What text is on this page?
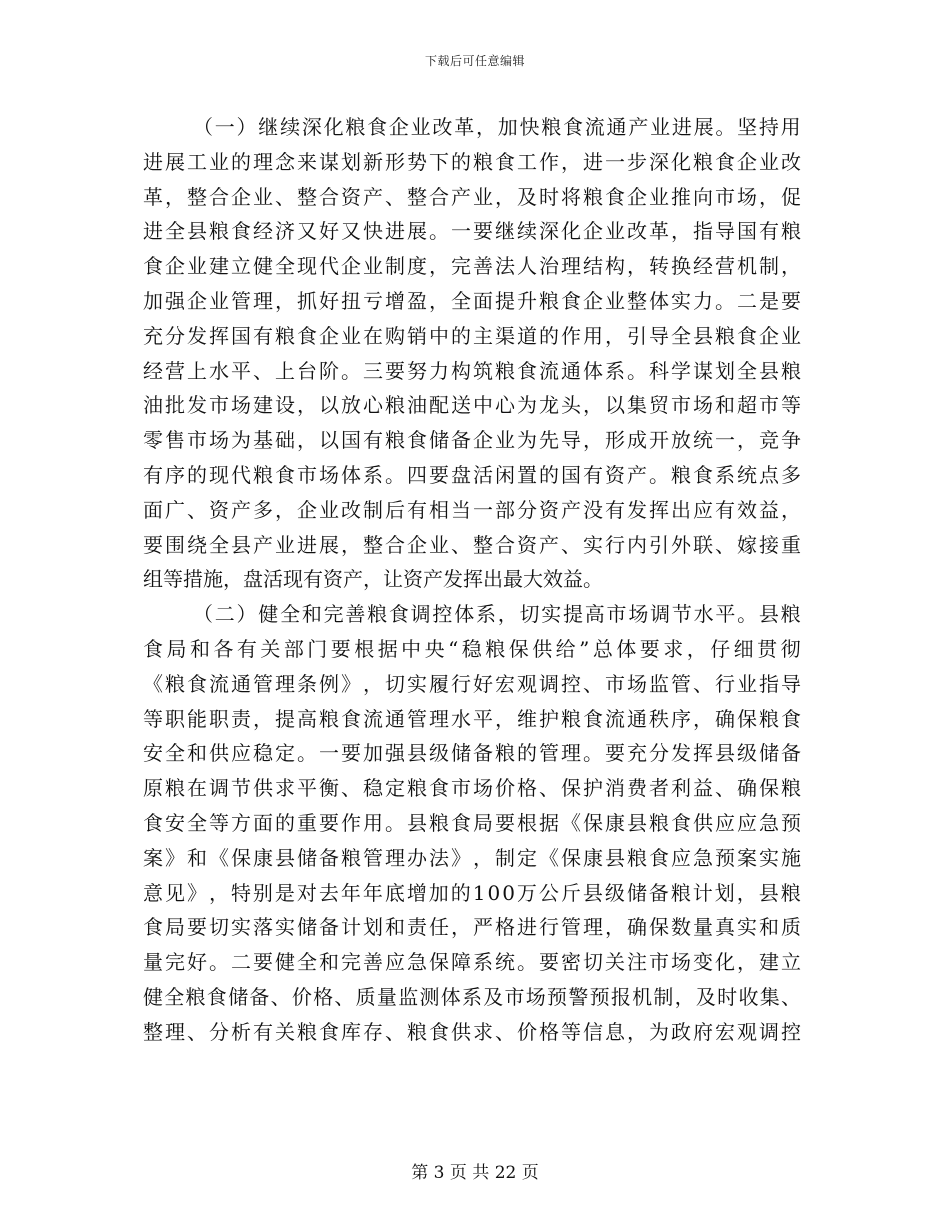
下载后可任意编辑
（ 一 ） 继 续 深 化 粮 食 企 业 改 革 ， 加 快 粮 食 流 通 产 业 进 展 。 坚 持 用
进 展 工 业 的 理 念 来 谋 划 新 形 势 下 的 粮 食 工 作 ， 进 一 步 深 化 粮 食 企 业 改
革 ， 整 合 企 业 、 整 合 资 产 、 整 合 产 业 ， 及 时 将 粮 食 企 业 推 向 市 场 ， 促
进 全 县 粮 食 经 济 又 好 又 快 进 展 。 一 要 继 续 深 化 企 业 改 革 ， 指 导 国 有 粮
食 企 业 建 立 健 全 现 代 企 业 制 度 ， 完 善 法 人 治 理 结 构 ， 转 换 经 营 机 制 ，
加 强 企 业 管 理 ， 抓 好 扭 亏 增 盈 ， 全 面 提 升 粮 食 企 业 整 体 实 力 。 二 是 要
充 分 发 挥 国 有 粮 食 企 业 在 购 销 中 的 主 渠 道 的 作 用 ， 引 导 全 县 粮 食 企 业
经 营 上 水 平 、 上 台 阶 。 三 要 努 力 构 筑 粮 食 流 通 体 系 。 科 学 谋 划 全 县 粮
油 批 发 市 场 建 设 ， 以 放 心 粮 油 配 送 中 心 为 龙 头 ， 以 集 贸 市 场 和 超 市 等
零 售 市 场 为 基 础 ， 以 国 有 粮 食 储 备 企 业 为 先 导 ， 形 成 开 放 统 一 ， 竞 争
有 序 的 现 代 粮 食 市 场 体 系 。 四 要 盘 活 闲 置 的 国 有 资 产 。 粮 食 系 统 点 多
面 广 、 资 产 多 ， 企 业 改 制 后 有 相 当 一 部 分 资 产 没 有 发 挥 出 应 有 效 益 ，
要 围 绕 全 县 产 业 进 展 ， 整 合 企 业 、 整 合 资 产 、 实 行 内 引 外 联 、 嫁 接 重
组等措施，盘活现有资产，让资产发挥出最大效益。
（ 二 ） 健 全 和 完 善 粮 食 调 控 体 系 ， 切 实 提 高 市 场 调 节 水 平 。 县 粮
食 局 和 各 有 关 部 门 要 根 据 中 央 “ 稳 粮 保 供 给 ” 总 体 要 求 ， 仔 细 贯 彻
《 粮 食 流 通 管 理 条 例 》 ， 切 实 履 行 好 宏 观 调 控 、 市 场 监 管 、 行 业 指 导
等 职 能 职 责 ， 提 高 粮 食 流 通 管 理 水 平 ， 维 护 粮 食 流 通 秩 序 ， 确 保 粮 食
安 全 和 供 应 稳 定 。 一 要 加 强 县 级 储 备 粮 的 管 理 。 要 充 分 发 挥 县 级 储 备
原 粮 在 调 节 供 求 平 衡 、 稳 定 粮 食 市 场 价 格 、 保 护 消 费 者 利 益 、 确 保 粮
食 安 全 等 方 面 的 重 要 作 用 。 县 粮 食 局 要 根 据 《 保 康 县 粮 食 供 应 应 急 预
案 》 和 《 保 康 县 储 备 粮 管 理 办 法 》 ， 制 定 《 保 康 县 粮 食 应 急 预 案 实 施
意 见 》 ， 特 别 是 对 去 年 年 底 增 加 的 1 0 0 万 公 斤 县 级 储 备 粮 计 划 ， 县 粮
食 局 要 切 实 落 实 储 备 计 划 和 责 任 ， 严 格 进 行 管 理 ， 确 保 数 量 真 实 和 质
量 完 好 。 二 要 健 全 和 完 善 应 急 保 障 系 统 。 要 密 切 关 注 市 场 变 化 ， 建 立
健 全 粮 食 储 备 、 价 格 、 质 量 监 测 体 系 及 市 场 预 警 预 报 机 制 ， 及 时 收 集 、
整 理 、 分 析 有 关 粮 食 库 存 、 粮 食 供 求 、 价 格 等 信 息 ， 为 政 府 宏 观 调 控
第 3 页 共 22 页
